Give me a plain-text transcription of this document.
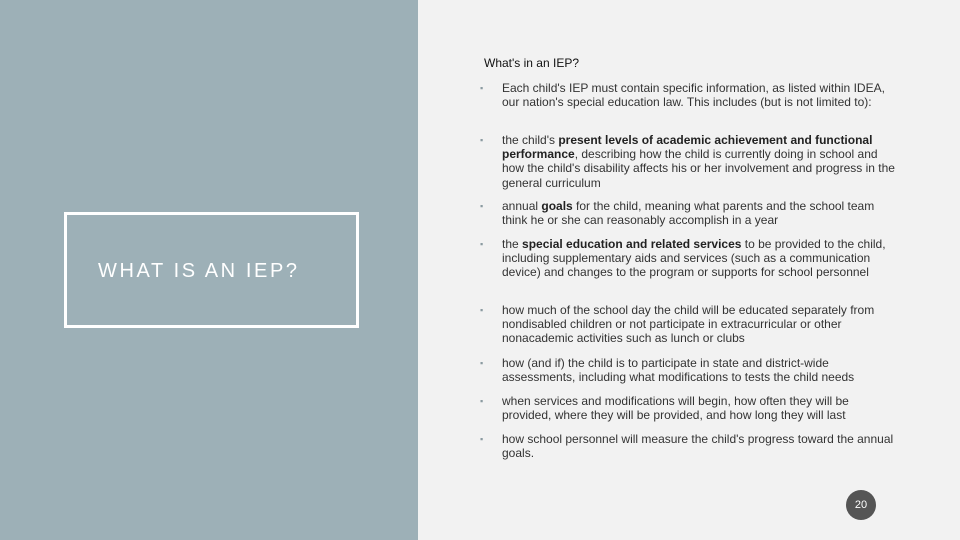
WHAT IS AN IEP?
What's in an IEP?
▪ Each child's IEP must contain specific information, as listed within IDEA, our nation's special education law. This includes (but is not limited to):
▪ the child's present levels of academic achievement and functional performance, describing how the child is currently doing in school and how the child's disability affects his or her involvement and progress in the general curriculum
▪ annual goals for the child, meaning what parents and the school team think he or she can reasonably accomplish in a year
▪ the special education and related services to be provided to the child, including supplementary aids and services (such as a communication device) and changes to the program or supports for school personnel
▪ how much of the school day the child will be educated separately from nondisabled children or not participate in extracurricular or other nonacademic activities such as lunch or clubs
▪ how (and if) the child is to participate in state and district-wide assessments, including what modifications to tests the child needs
▪ when services and modifications will begin, how often they will be provided, where they will be provided, and how long they will last
▪ how school personnel will measure the child's progress toward the annual goals.
20
